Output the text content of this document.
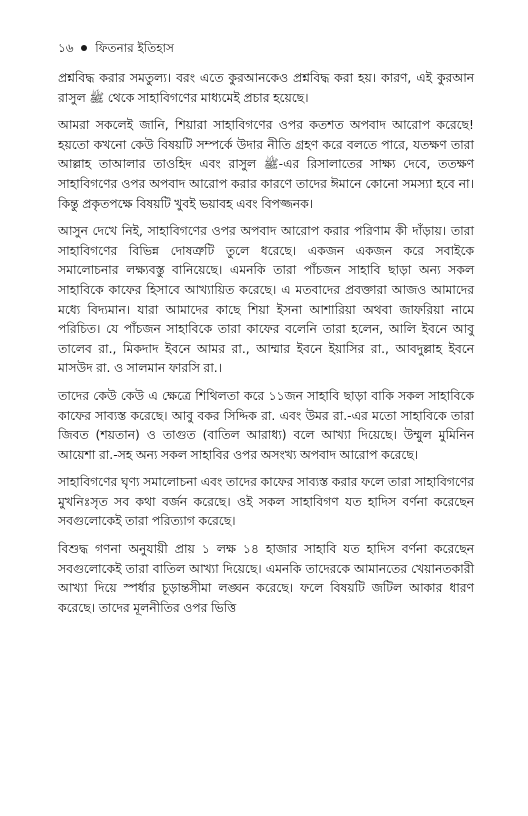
১৬ ফিতনার ইতিহাস

প্রশ্নবিদ্ধ করার সমতুল্য। বরং এতে কুরআনকেও প্রশ্নবিদ্ধ করা হয়। কারণ, এই কুরআন রাসুল ﷺ থেকে সাহাবিগণের মাধ্যমেই প্রচার হয়েছে।

আমরা সকলেই জানি, শিয়ারা সাহাবিগণের ওপর কতশত অপবাদ আরোপ করেছে! হয়তো কখনো কেউ বিষয়টি সম্পর্কে উদার নীতি গ্রহণ করে বলতে পারে, যতক্ষণ তারা আল্লাহ তাআলার তাওহিদ এবং রাসুল ﷺ-এর রিসালাতের সাক্ষ্য দেবে, ততক্ষণ সাহাবিগণের ওপর অপবাদ আরোপ করার কারণে তাদের ঈমানে কোনো সমস্যা হবে না। কিন্তু প্রকৃতপক্ষে বিষয়টি খুবই ভয়াবহ এবং বিপজ্জনক।

আসুন দেখে নিই, সাহাবিগণের ওপর অপবাদ আরোপ করার পরিণাম কী দাঁড়ায়। তারা সাহাবিগণের বিভিন্ন দোষত্রুটি তুলে ধরেছে। একজন একজন করে সবাইকে সমালোচনার লক্ষ্যবস্তু বানিয়েছে। এমনকি তারা পাঁচজন সাহাবি ছাড়া অন্য সকল সাহাবিকে কাফের হিসাবে আখ্যায়িত করেছে। এ মতবাদের প্রবক্তারা আজও আমাদের মধ্যে বিদ্যমান। যারা আমাদের কাছে শিয়া ইসনা আশারিয়া অথবা জাফরিয়া নামে পরিচিত। যে পাঁচজন সাহাবিকে তারা কাফের বলেনি তারা হলেন, আলি ইবনে আবু তালেব রা., মিকদাদ ইবনে আমর রা., আম্মার ইবনে ইয়াসির রা., আবদুল্লাহ ইবনে মাসউদ রা. ও সালমান ফারসি রা.।

তাদের কেউ কেউ এ ক্ষেত্রে শিথিলতা করে ১১জন সাহাবি ছাড়া বাকি সকল সাহাবিকে কাফের সাব্যস্ত করেছে। আবু বকর সিদ্দিক রা. এবং উমর রা.-এর মতো সাহাবিকে তারা জিবত (শয়তান) ও তাগুত (বাতিল আরাধ্য) বলে আখ্যা দিয়েছে। উম্মুল মুমিনিন আয়েশা রা.-সহ অন্য সকল সাহাবির ওপর অসংখ্য অপবাদ আরোপ করেছে।

সাহাবিগণের ঘৃণ্য সমালোচনা এবং তাদের কাফের সাব্যস্ত করার ফলে তারা সাহাবিগণের মুখনিঃসৃত সব কথা বর্জন করেছে। ওই সকল সাহাবিগণ যত হাদিস বর্ণনা করেছেন সবগুলোকেই তারা পরিত্যাগ করেছে।

বিশুদ্ধ গণনা অনুযায়ী প্রায় ১ লক্ষ ১৪ হাজার সাহাবি যত হাদিস বর্ণনা করেছেন সবগুলোকেই তারা বাতিল আখ্যা দিয়েছে। এমনকি তাদেরকে আমানতের খেয়ানতকারী আখ্যা দিয়ে স্পর্ধার চূড়ান্তসীমা লঙ্ঘন করেছে। ফলে বিষয়টি জটিল আকার ধারণ করেছে। তাদের মূলনীতির ওপর ভিত্তি
